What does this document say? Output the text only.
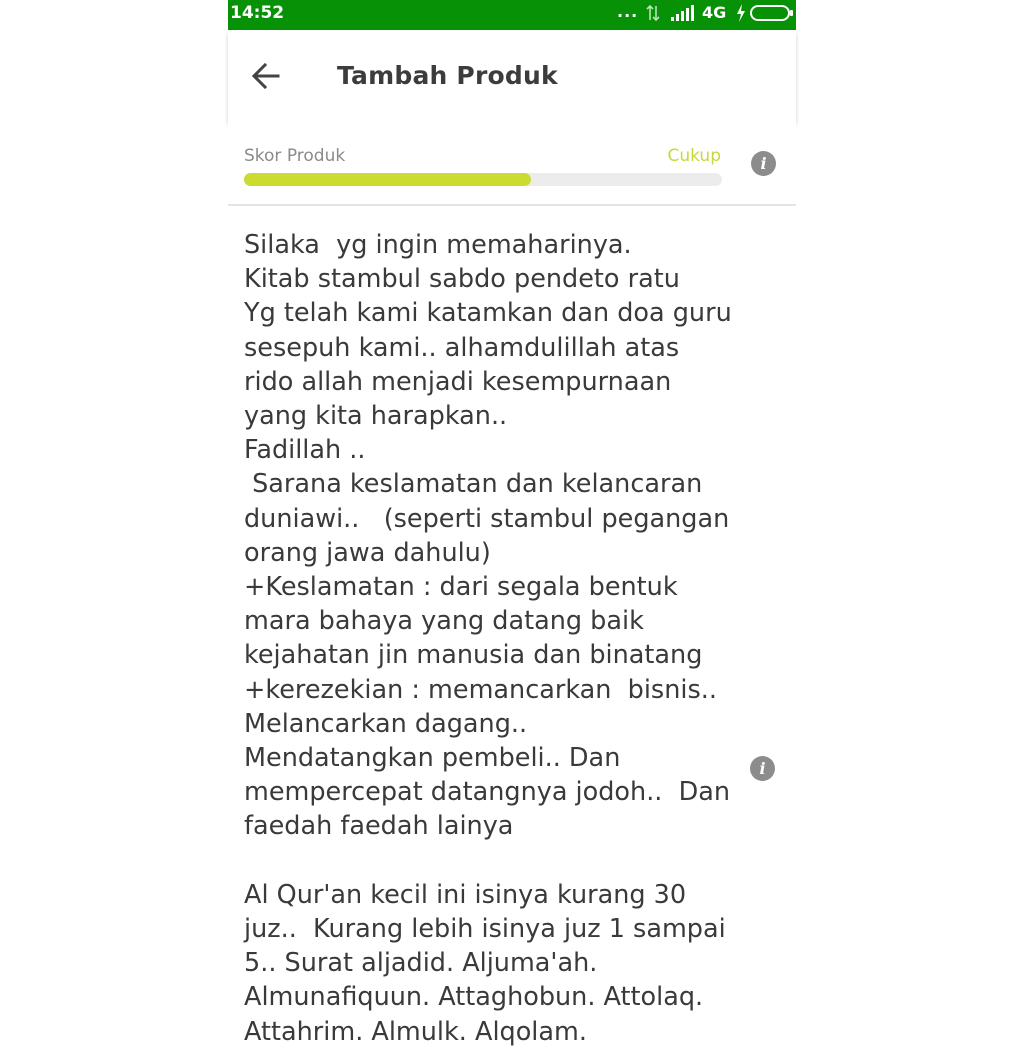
14:52	...	4G
Tambah Produk
Skor Produk	Cukup	i
Silaka  yg ingin memaharinya.
Kitab stambul sabdo pendeto ratu
Yg telah kami katamkan dan doa guru
sesepuh kami.. alhamdulillah atas
rido allah menjadi kesempurnaan
yang kita harapkan..
Fadillah ..
Sarana keslamatan dan kelancaran
duniawi..   (seperti stambul pegangan
orang jawa dahulu)
+Keslamatan : dari segala bentuk
mara bahaya yang datang baik
kejahatan jin manusia dan binatang
+kerezekian : memancarkan  bisnis..
Melancarkan dagang..
Mendatangkan pembeli.. Dan
mempercepat datangnya jodoh..  Dan
faedah faedah lainya

Al Qur'an kecil ini isinya kurang 30
juz..  Kurang lebih isinya juz 1 sampai
5.. Surat aljadid. Aljuma'ah.
Almunafiquun. Attaghobun. Attolaq.
Attahrim. Almulk. Alqolam.
i
